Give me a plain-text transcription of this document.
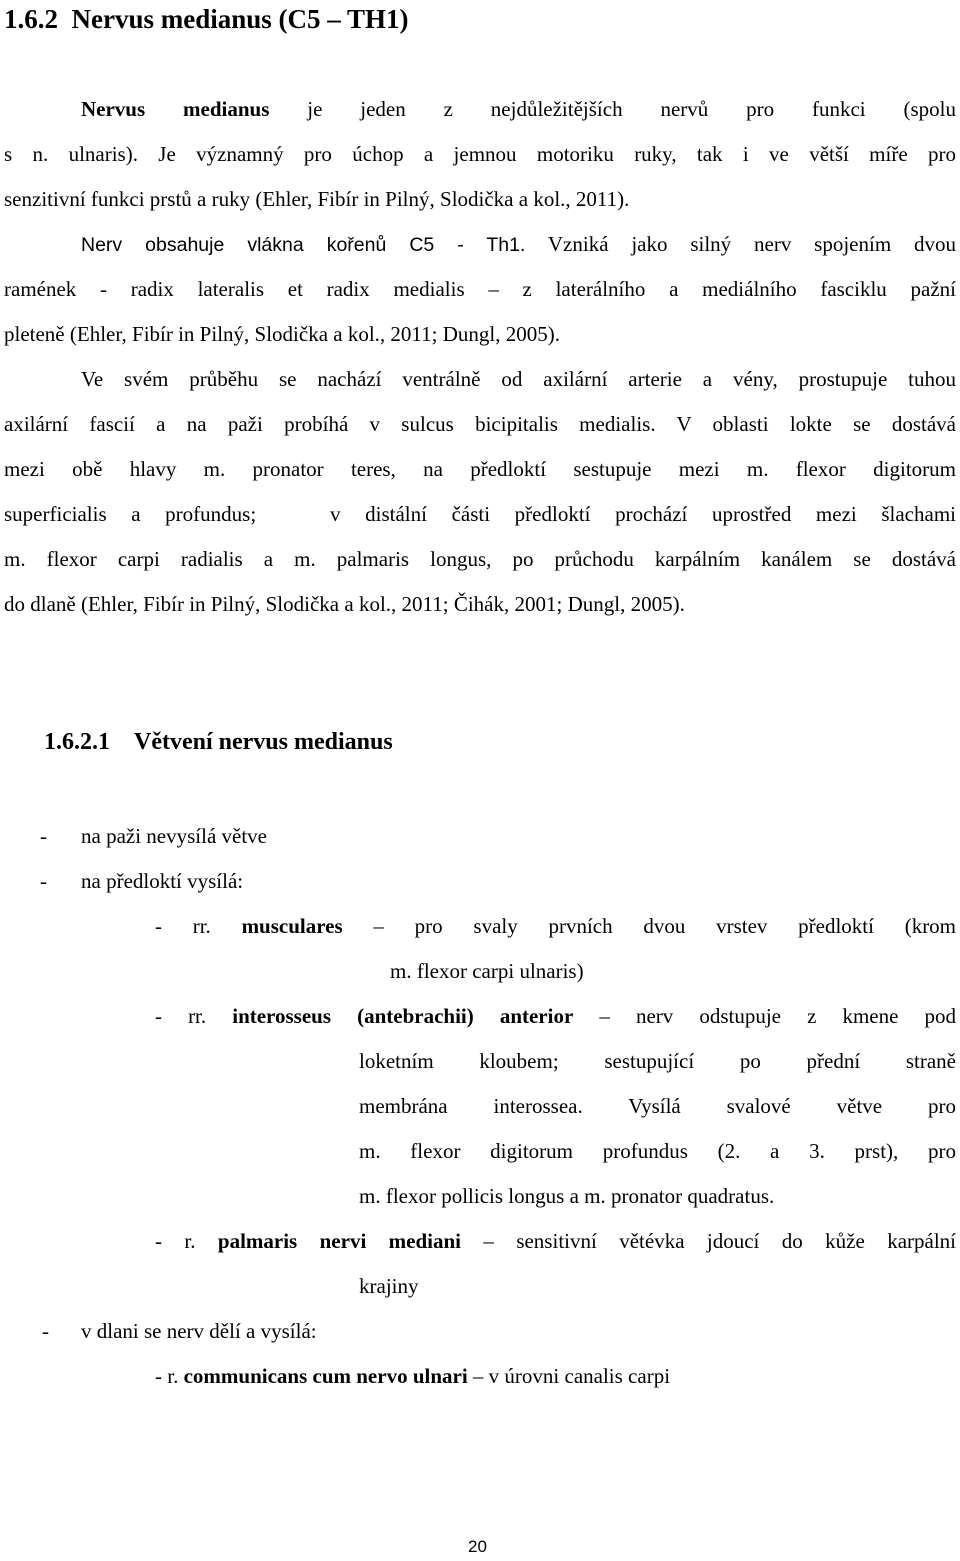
1.6.2 Nervus medianus (C5 – TH1)
Nervus medianus je jeden z nejdůležitějších nervů pro funkci (spolu
s n. ulnaris). Je významný pro úchop a jemnou motoriku ruky, tak i ve větší míře pro
senzitivní funkci prstů a ruky (Ehler, Fibír in Pilný, Slodička a kol., 2011).
Nerv obsahuje vlákna kořenů C5 - Th1. Vzniká jako silný nerv spojením dvou
ramének - radix lateralis et radix medialis – z laterálního a mediálního fasciklu pažní
pleteně (Ehler, Fibír in Pilný, Slodička a kol., 2011; Dungl, 2005).
Ve svém průběhu se nachází ventrálně od axilární arterie a vény, prostupuje tuhou
axilární fascií a na paži probíhá v sulcus bicipitalis medialis. V oblasti lokte se dostává
mezi obě hlavy m. pronator teres, na předloktí sestupuje mezi m. flexor digitorum
superficialis a profundus;   v distální části předloktí prochází uprostřed mezi šlachami
m. flexor carpi radialis a m. palmaris longus, po průchodu karpálním kanálem se dostává
do dlaně (Ehler, Fibír in Pilný, Slodička a kol., 2011; Čihák, 2001; Dungl, 2005).
1.6.2.1 Větvení nervus medianus
- na paži nevysílá větve
- na předloktí vysílá:
- rr. musculares – pro svaly prvních dvou vrstev předloktí (krom
m. flexor carpi ulnaris)
- rr. interosseus (antebrachii) anterior – nerv odstupuje z kmene pod
loketním kloubem; sestupující po přední straně
membrána interossea. Vysílá svalové větve pro
m. flexor digitorum profundus (2. a 3. prst), pro
m. flexor pollicis longus a m. pronator quadratus.
- r. palmaris nervi mediani – sensitivní větévka jdoucí do kůže karpální
krajiny
- v dlani se nerv dělí a vysílá:
- r. communicans cum nervo ulnari – v úrovni canalis carpi
20
